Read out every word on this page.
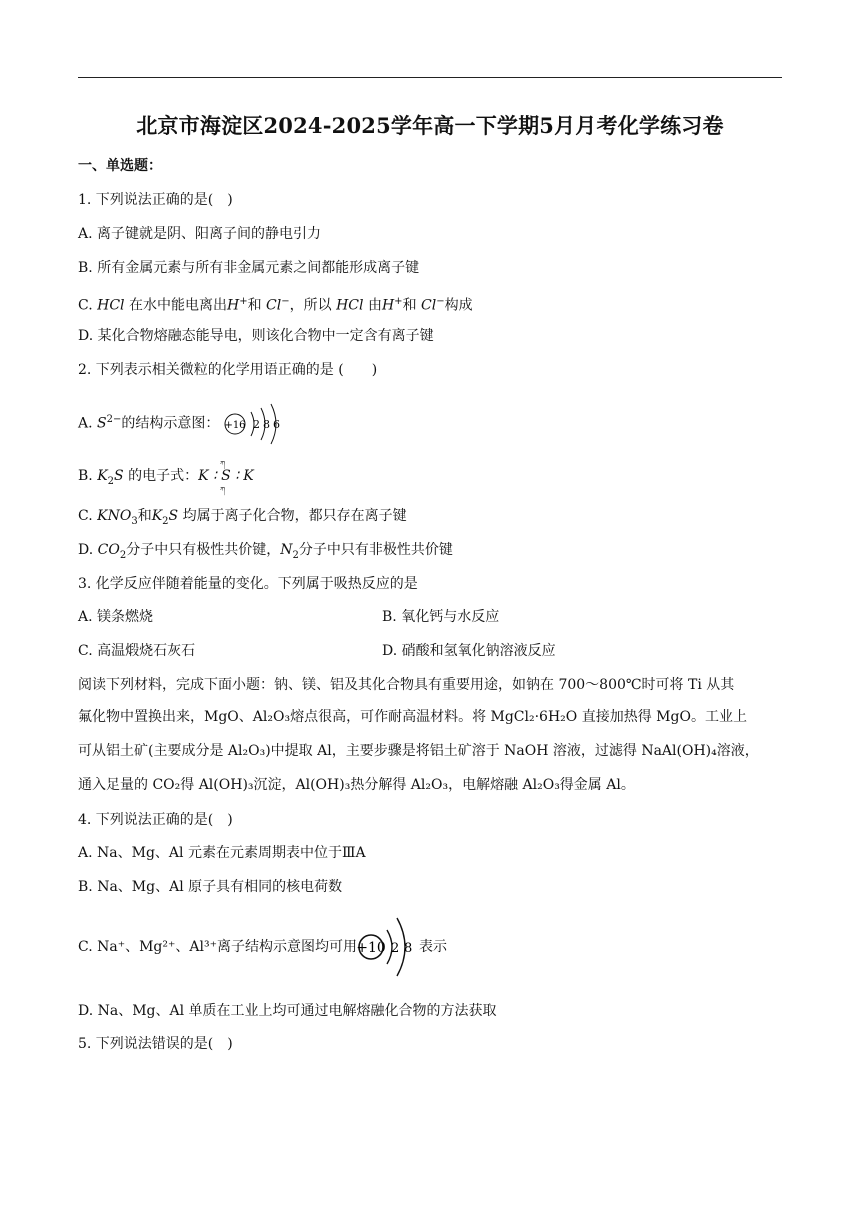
北京市海淀区2024-2025学年高一下学期5月月考化学练习卷
一、单选题：
1. 下列说法正确的是(　)
A. 离子键就是阴、阳离子间的静电引力
B. 所有金属元素与所有非金属元素之间都能形成离子键
C. HCl 在水中能电离出H+和 Cl−，所以 HCl 由H+和 Cl−构成
D. 某化合物熔融态能导电，则该化合物中一定含有离子键
2. 下列表示相关微粒的化学用语正确的是 (　　)
A. $S^{2-}$的结构示意图： +16 2 8 6
B. $K_2S$ 的电子式：K ∶
ཀ
S
ཀ
∶ K
C. $KNO_3$和$K_2S$ 均属于离子化合物，都只存在离子键
D. $CO_2$分子中只有极性共价键，$N_2$分子中只有非极性共价键
3. 化学反应伴随着能量的变化。下列属于吸热反应的是
A. 镁条燃烧	B. 氧化钙与水反应
C. 高温煅烧石灰石	D. 硝酸和氢氧化钠溶液反应
阅读下列材料，完成下面小题：钠、镁、铝及其化合物具有重要用途，如钠在 700～800℃时可将 Ti 从其
氟化物中置换出来，MgO、Al₂O₃熔点很高，可作耐高温材料。将 MgCl₂·6H₂O 直接加热得 MgO。工业上
可从铝土矿(主要成分是 Al₂O₃)中提取 Al，主要步骤是将铝土矿溶于 NaOH 溶液，过滤得 NaAl(OH)₄溶液，
通入足量的 CO₂得 Al(OH)₃沉淀，Al(OH)₃热分解得 Al₂O₃，电解熔融 Al₂O₃得金属 Al。
4. 下列说法正确的是(　)
A. Na、Mg、Al 元素在元素周期表中位于ⅢA
B. Na、Mg、Al 原子具有相同的核电荷数
C. Na⁺、Mg²⁺、Al³⁺离子结构示意图均可用 +10 2 8 表示
D. Na、Mg、Al 单质在工业上均可通过电解熔融化合物的方法获取
5. 下列说法错误的是(　)
